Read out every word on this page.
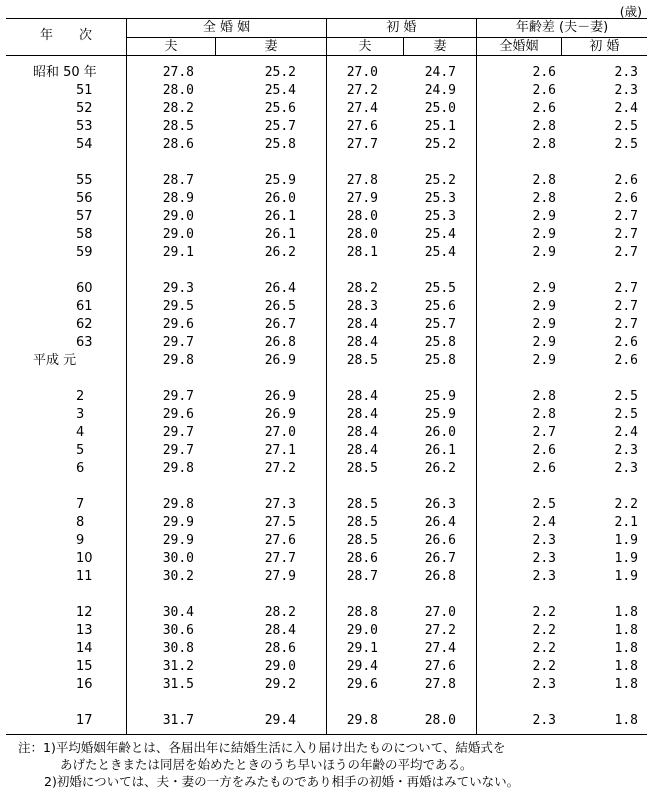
(歳)
年　　次
全 婚 姻	初 婚	年齢差 (夫－妻)
夫	妻	夫	妻	全婚姻	初 婚
昭和 50 年	27.8	25.2	27.0	24.7	2.6	2.3
51	28.0	25.4	27.2	24.9	2.6	2.3
52	28.2	25.6	27.4	25.0	2.6	2.4
53	28.5	25.7	27.6	25.1	2.8	2.5
54	28.6	25.8	27.7	25.2	2.8	2.5
55	28.7	25.9	27.8	25.2	2.8	2.6
56	28.9	26.0	27.9	25.3	2.8	2.6
57	29.0	26.1	28.0	25.3	2.9	2.7
58	29.0	26.1	28.0	25.4	2.9	2.7
59	29.1	26.2	28.1	25.4	2.9	2.7
60	29.3	26.4	28.2	25.5	2.9	2.7
61	29.5	26.5	28.3	25.6	2.9	2.7
62	29.6	26.7	28.4	25.7	2.9	2.7
63	29.7	26.8	28.4	25.8	2.9	2.6
平成 元	29.8	26.9	28.5	25.8	2.9	2.6
2	29.7	26.9	28.4	25.9	2.8	2.5
3	29.6	26.9	28.4	25.9	2.8	2.5
4	29.7	27.0	28.4	26.0	2.7	2.4
5	29.7	27.1	28.4	26.1	2.6	2.3
6	29.8	27.2	28.5	26.2	2.6	2.3
7	29.8	27.3	28.5	26.3	2.5	2.2
8	29.9	27.5	28.5	26.4	2.4	2.1
9	29.9	27.6	28.5	26.6	2.3	1.9
10	30.0	27.7	28.6	26.7	2.3	1.9
11	30.2	27.9	28.7	26.8	2.3	1.9
12	30.4	28.2	28.8	27.0	2.2	1.8
13	30.6	28.4	29.0	27.2	2.2	1.8
14	30.8	28.6	29.1	27.4	2.2	1.8
15	31.2	29.0	29.4	27.6	2.2	1.8
16	31.5	29.2	29.6	27.8	2.3	1.8
17	31.7	29.4	29.8	28.0	2.3	1.8
注：1)平均婚姻年齢とは、各届出年に結婚生活に入り届け出たものについて、結婚式を
あげたときまたは同居を始めたときのうち早いほうの年齢の平均である。
2)初婚については、夫・妻の一方をみたものであり相手の初婚・再婚はみていない。
